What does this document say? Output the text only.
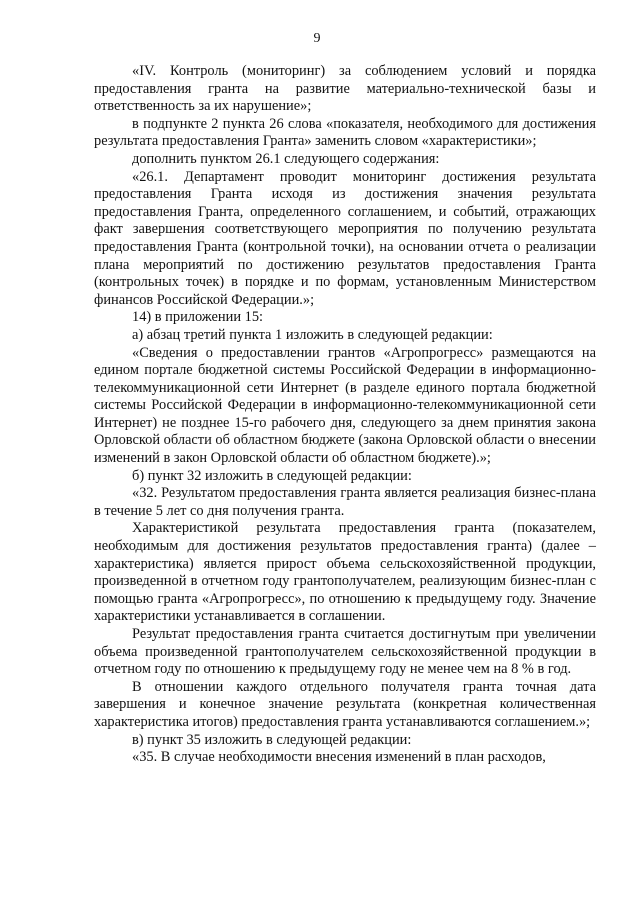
9

«IV. Контроль (мониторинг) за соблюдением условий и порядка предоставления гранта на развитие материально-технической базы и ответственность за их нарушение»;

в подпункте 2 пункта 26 слова «показателя, необходимого для достижения результата предоставления Гранта» заменить словом «характеристики»;

дополнить пунктом 26.1 следующего содержания:

«26.1. Департамент проводит мониторинг достижения результата предоставления Гранта исходя из достижения значения результата предоставления Гранта, определенного соглашением, и событий, отражающих факт завершения соответствующего мероприятия по получению результата предоставления Гранта (контрольной точки), на основании отчета о реализации плана мероприятий по достижению результатов предоставления Гранта (контрольных точек) в порядке и по формам, установленным Министерством финансов Российской Федерации.»;

14) в приложении 15:

а) абзац третий пункта 1 изложить в следующей редакции:

«Сведения о предоставлении грантов «Агропрогресс» размещаются на едином портале бюджетной системы Российской Федерации в информационно-телекоммуникационной сети Интернет (в разделе единого портала бюджетной системы Российской Федерации в информационно-телекоммуникационной сети Интернет) не позднее 15-го рабочего дня, следующего за днем принятия закона Орловской области об областном бюджете (закона Орловской области о внесении изменений в закон Орловской области об областном бюджете).»;

б) пункт 32 изложить в следующей редакции:

«32. Результатом предоставления гранта является реализация бизнес-плана в течение 5 лет со дня получения гранта.

Характеристикой результата предоставления гранта (показателем, необходимым для достижения результатов предоставления гранта) (далее – характеристика) является прирост объема сельскохозяйственной продукции, произведенной в отчетном году грантополучателем, реализующим бизнес-план с помощью гранта «Агропрогресс», по отношению к предыдущему году. Значение характеристики устанавливается в соглашении.

Результат предоставления гранта считается достигнутым при увеличении объема произведенной грантополучателем сельскохозяйственной продукции в отчетном году по отношению к предыдущему году не менее чем на 8 % в год.

В отношении каждого отдельного получателя гранта точная дата завершения и конечное значение результата (конкретная количественная характеристика итогов) предоставления гранта устанавливаются соглашением.»;

в) пункт 35 изложить в следующей редакции:

«35. В случае необходимости внесения изменений в план расходов,
